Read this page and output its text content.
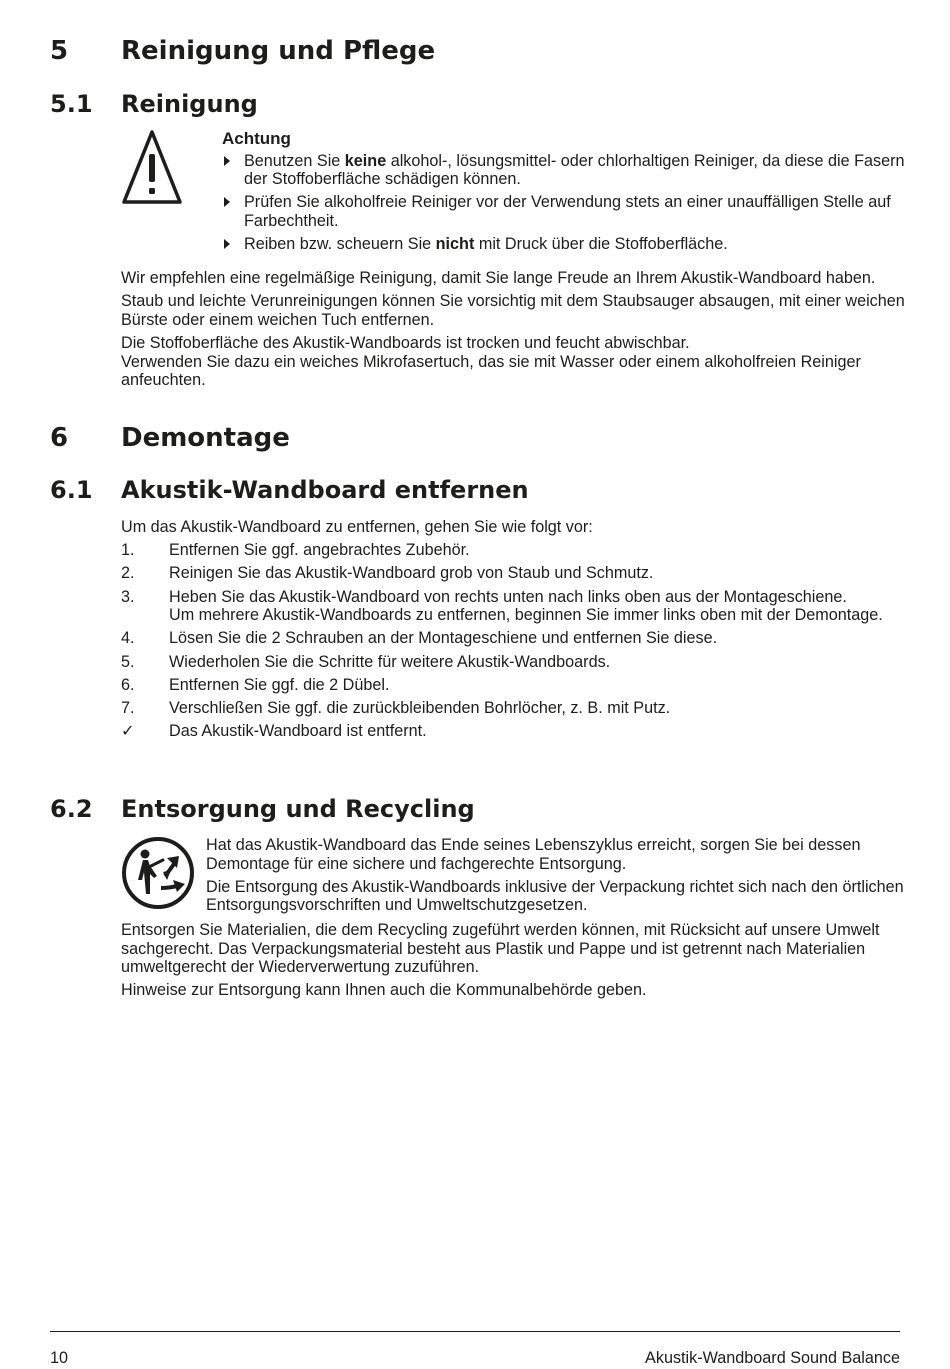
5 Reinigung und Pflege
5.1 Reinigung
Achtung
Benutzen Sie keine alkohol-, lösungsmittel- oder chlorhaltigen Reiniger, da diese die Fasern der Stoffoberfläche schädigen können.
Prüfen Sie alkoholfreie Reiniger vor der Verwendung stets an einer unauffälligen Stelle auf Farbechtheit.
Reiben bzw. scheuern Sie nicht mit Druck über die Stoffoberfläche.

Wir empfehlen eine regelmäßige Reinigung, damit Sie lange Freude an Ihrem Akustik-Wandboard haben.

Staub und leichte Verunreinigungen können Sie vorsichtig mit dem Staubsauger absaugen, mit einer weichen Bürste oder einem weichen Tuch entfernen.

Die Stoffoberfläche des Akustik-Wandboards ist trocken und feucht abwischbar.

Verwenden Sie dazu ein weiches Mikrofasertuch, das sie mit Wasser oder einem alkoholfreien Reiniger anfeuchten.

6 Demontage
6.1 Akustik-Wandboard entfernen

Um das Akustik-Wandboard zu entfernen, gehen Sie wie folgt vor:

1. Entfernen Sie ggf. angebrachtes Zubehör.
2. Reinigen Sie das Akustik-Wandboard grob von Staub und Schmutz.
3. Heben Sie das Akustik-Wandboard von rechts unten nach links oben aus der Montageschiene.
Um mehrere Akustik-Wandboards zu entfernen, beginnen Sie immer links oben mit der Demontage.
4. Lösen Sie die 2 Schrauben an der Montageschiene und entfernen Sie diese.
5. Wiederholen Sie die Schritte für weitere Akustik-Wandboards.
6. Entfernen Sie ggf. die 2 Dübel.
7. Verschließen Sie ggf. die zurückbleibenden Bohrlöcher, z. B. mit Putz.
✓ Das Akustik-Wandboard ist entfernt.
6.2 Entsorgung und Recycling

Hat das Akustik-Wandboard das Ende seines Lebenszyklus erreicht, sorgen Sie bei dessen Demontage für eine sichere und fachgerechte Entsorgung.

Die Entsorgung des Akustik-Wandboards inklusive der Verpackung richtet sich nach den örtlichen Entsorgungsvorschriften und Umweltschutzgesetzen.

Entsorgen Sie Materialien, die dem Recycling zugeführt werden können, mit Rücksicht auf unsere Umwelt sachgerecht. Das Verpackungsmaterial besteht aus Plastik und Pappe und ist getrennt nach Materialien umweltgerecht der Wiederverwertung zuzuführen.

Hinweise zur Entsorgung kann Ihnen auch die Kommunalbehörde geben.

10	Akustik-Wandboard Sound Balance
